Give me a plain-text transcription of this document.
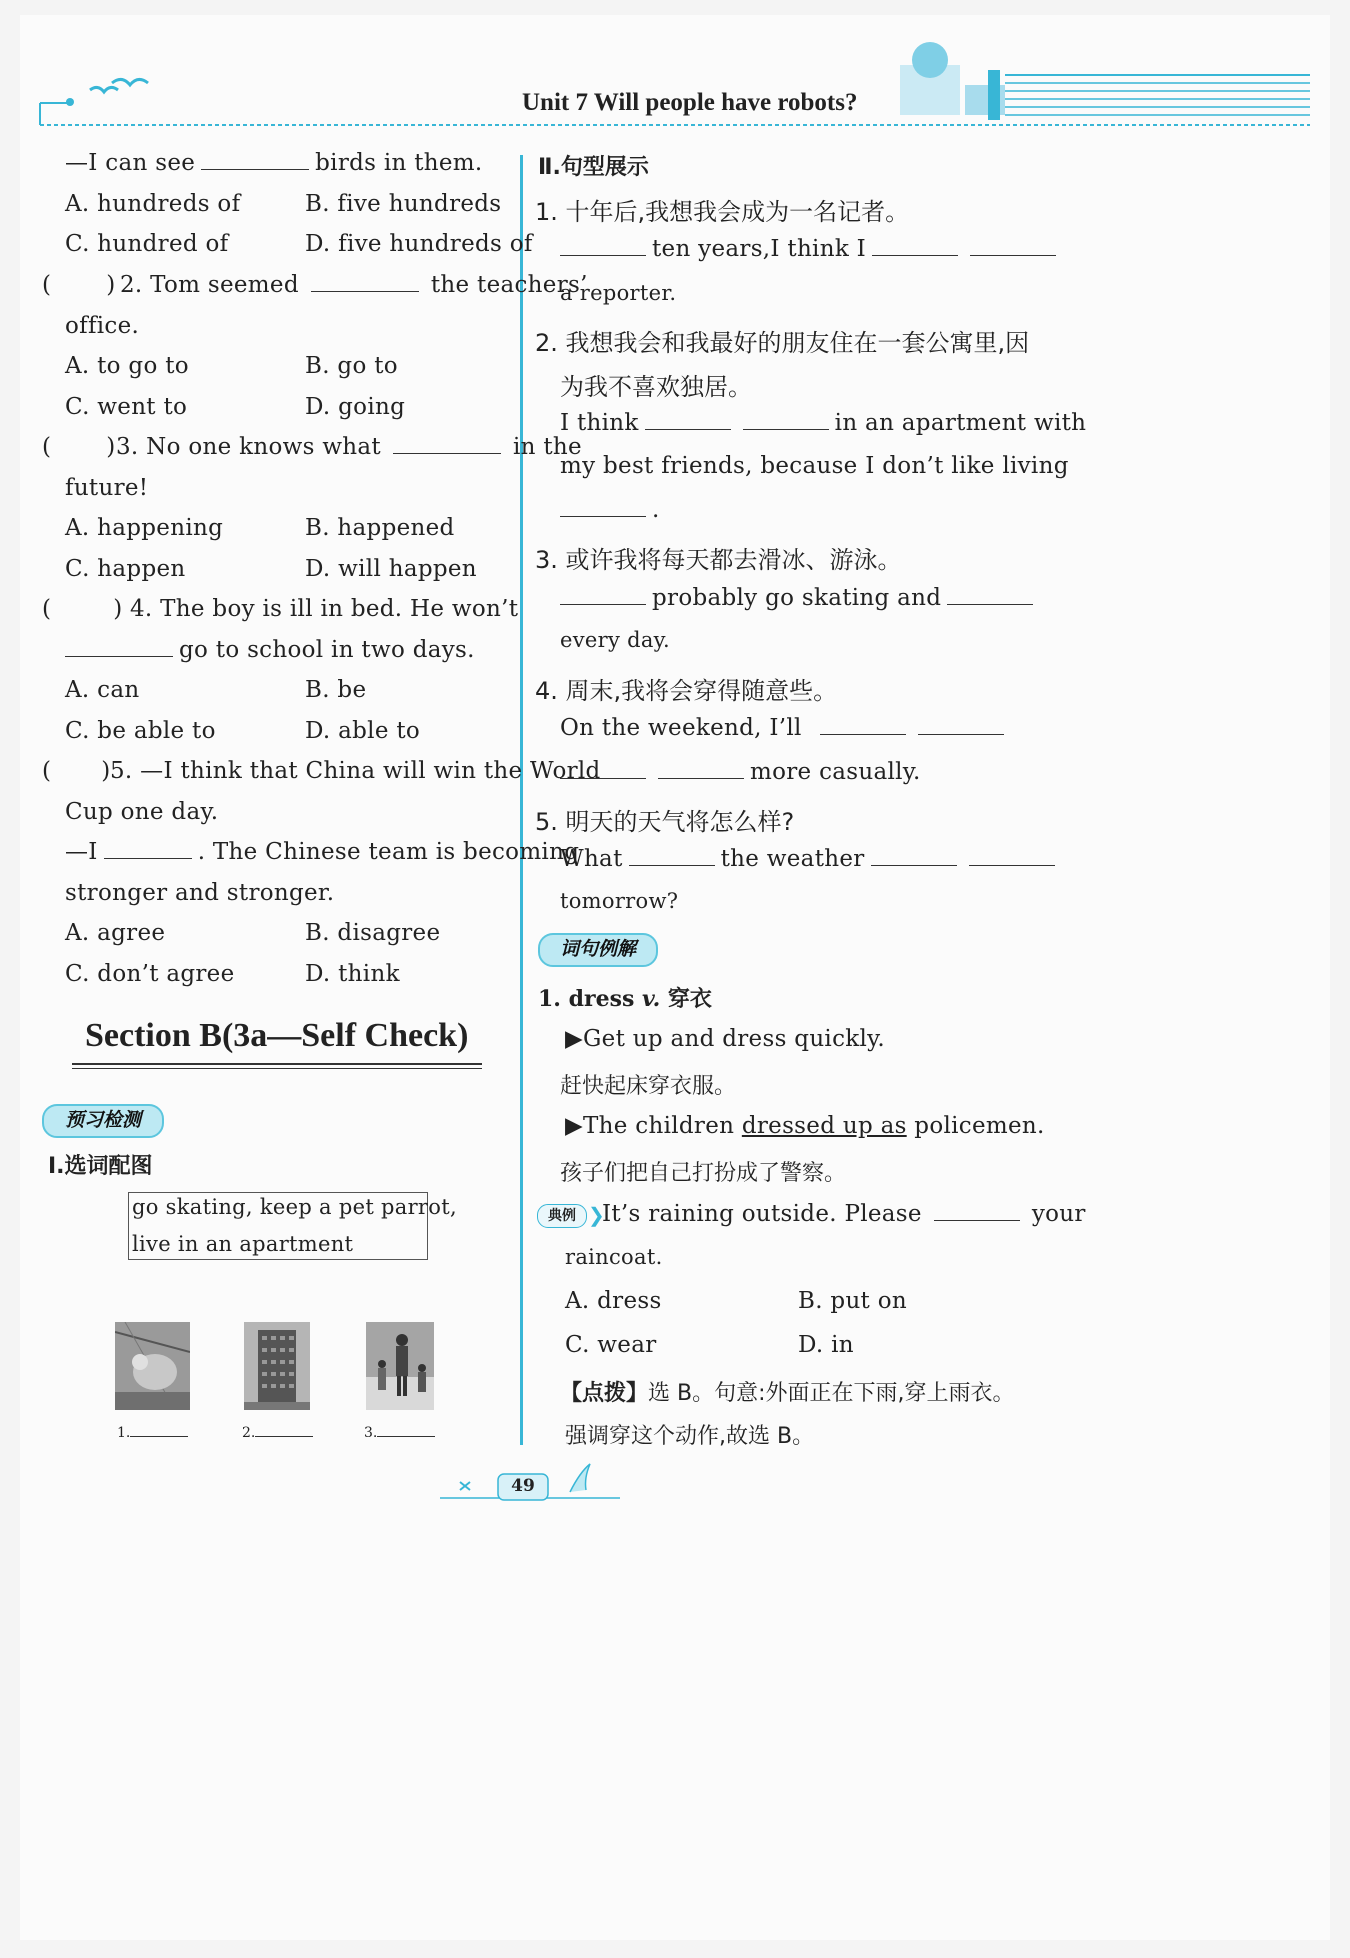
Unit 7 Will people have robots?
—I can see	birds in them.
A. hundreds of	B. five hundreds
C. hundred of	D. five hundreds of
( ) 2. Tom seemed	the teachers’
office.
A. to go to	B. go to
C. went to	D. going
( ) 3. No one knows what	in the
future!
A. happening	B. happened
C. happen	D. will happen
(	) 4. The boy is ill in bed. He won’t
go to school in two days.
A. can	B. be
C. be able to	D. able to
( ) 5. —I think that China will win the World
Cup one day.
—I	. The Chinese team is becoming
stronger and stronger.
A. agree	B. disagree
C. don’t agree	D. think
Section B(3a—Self Check)
预习检测
Ⅰ.选词配图
go skating, keep a pet parrot,
live in an apartment
1.	2.	3.
Ⅱ.句型展示
1. 十年后,我想我会成为一名记者。
ten years,I think I
a reporter.
2. 我想我会和我最好的朋友住在一套公寓里,因
为我不喜欢独居。
I think	in an apartment with
my best friends, because I don’t like living
.
3. 或许我将每天都去滑冰、游泳。
probably go skating and
every day.
4. 周末,我将会穿得随意些。
On the weekend, I’ll
more casually.
5. 明天的天气将怎么样?
What	the weather
tomorrow?
词句例解
1. dress v. 穿衣
▶Get up and dress quickly.
赶快起床穿衣服。
▶The children dressed up as policemen.
孩子们把自己打扮成了警察。
典例 ❯
It’s raining outside. Please	your
raincoat.
A. dress	B. put on
C. wear	D. in
【点拨】选 B。句意:外面正在下雨,穿上雨衣。
强调穿这个动作,故选 B。
49
